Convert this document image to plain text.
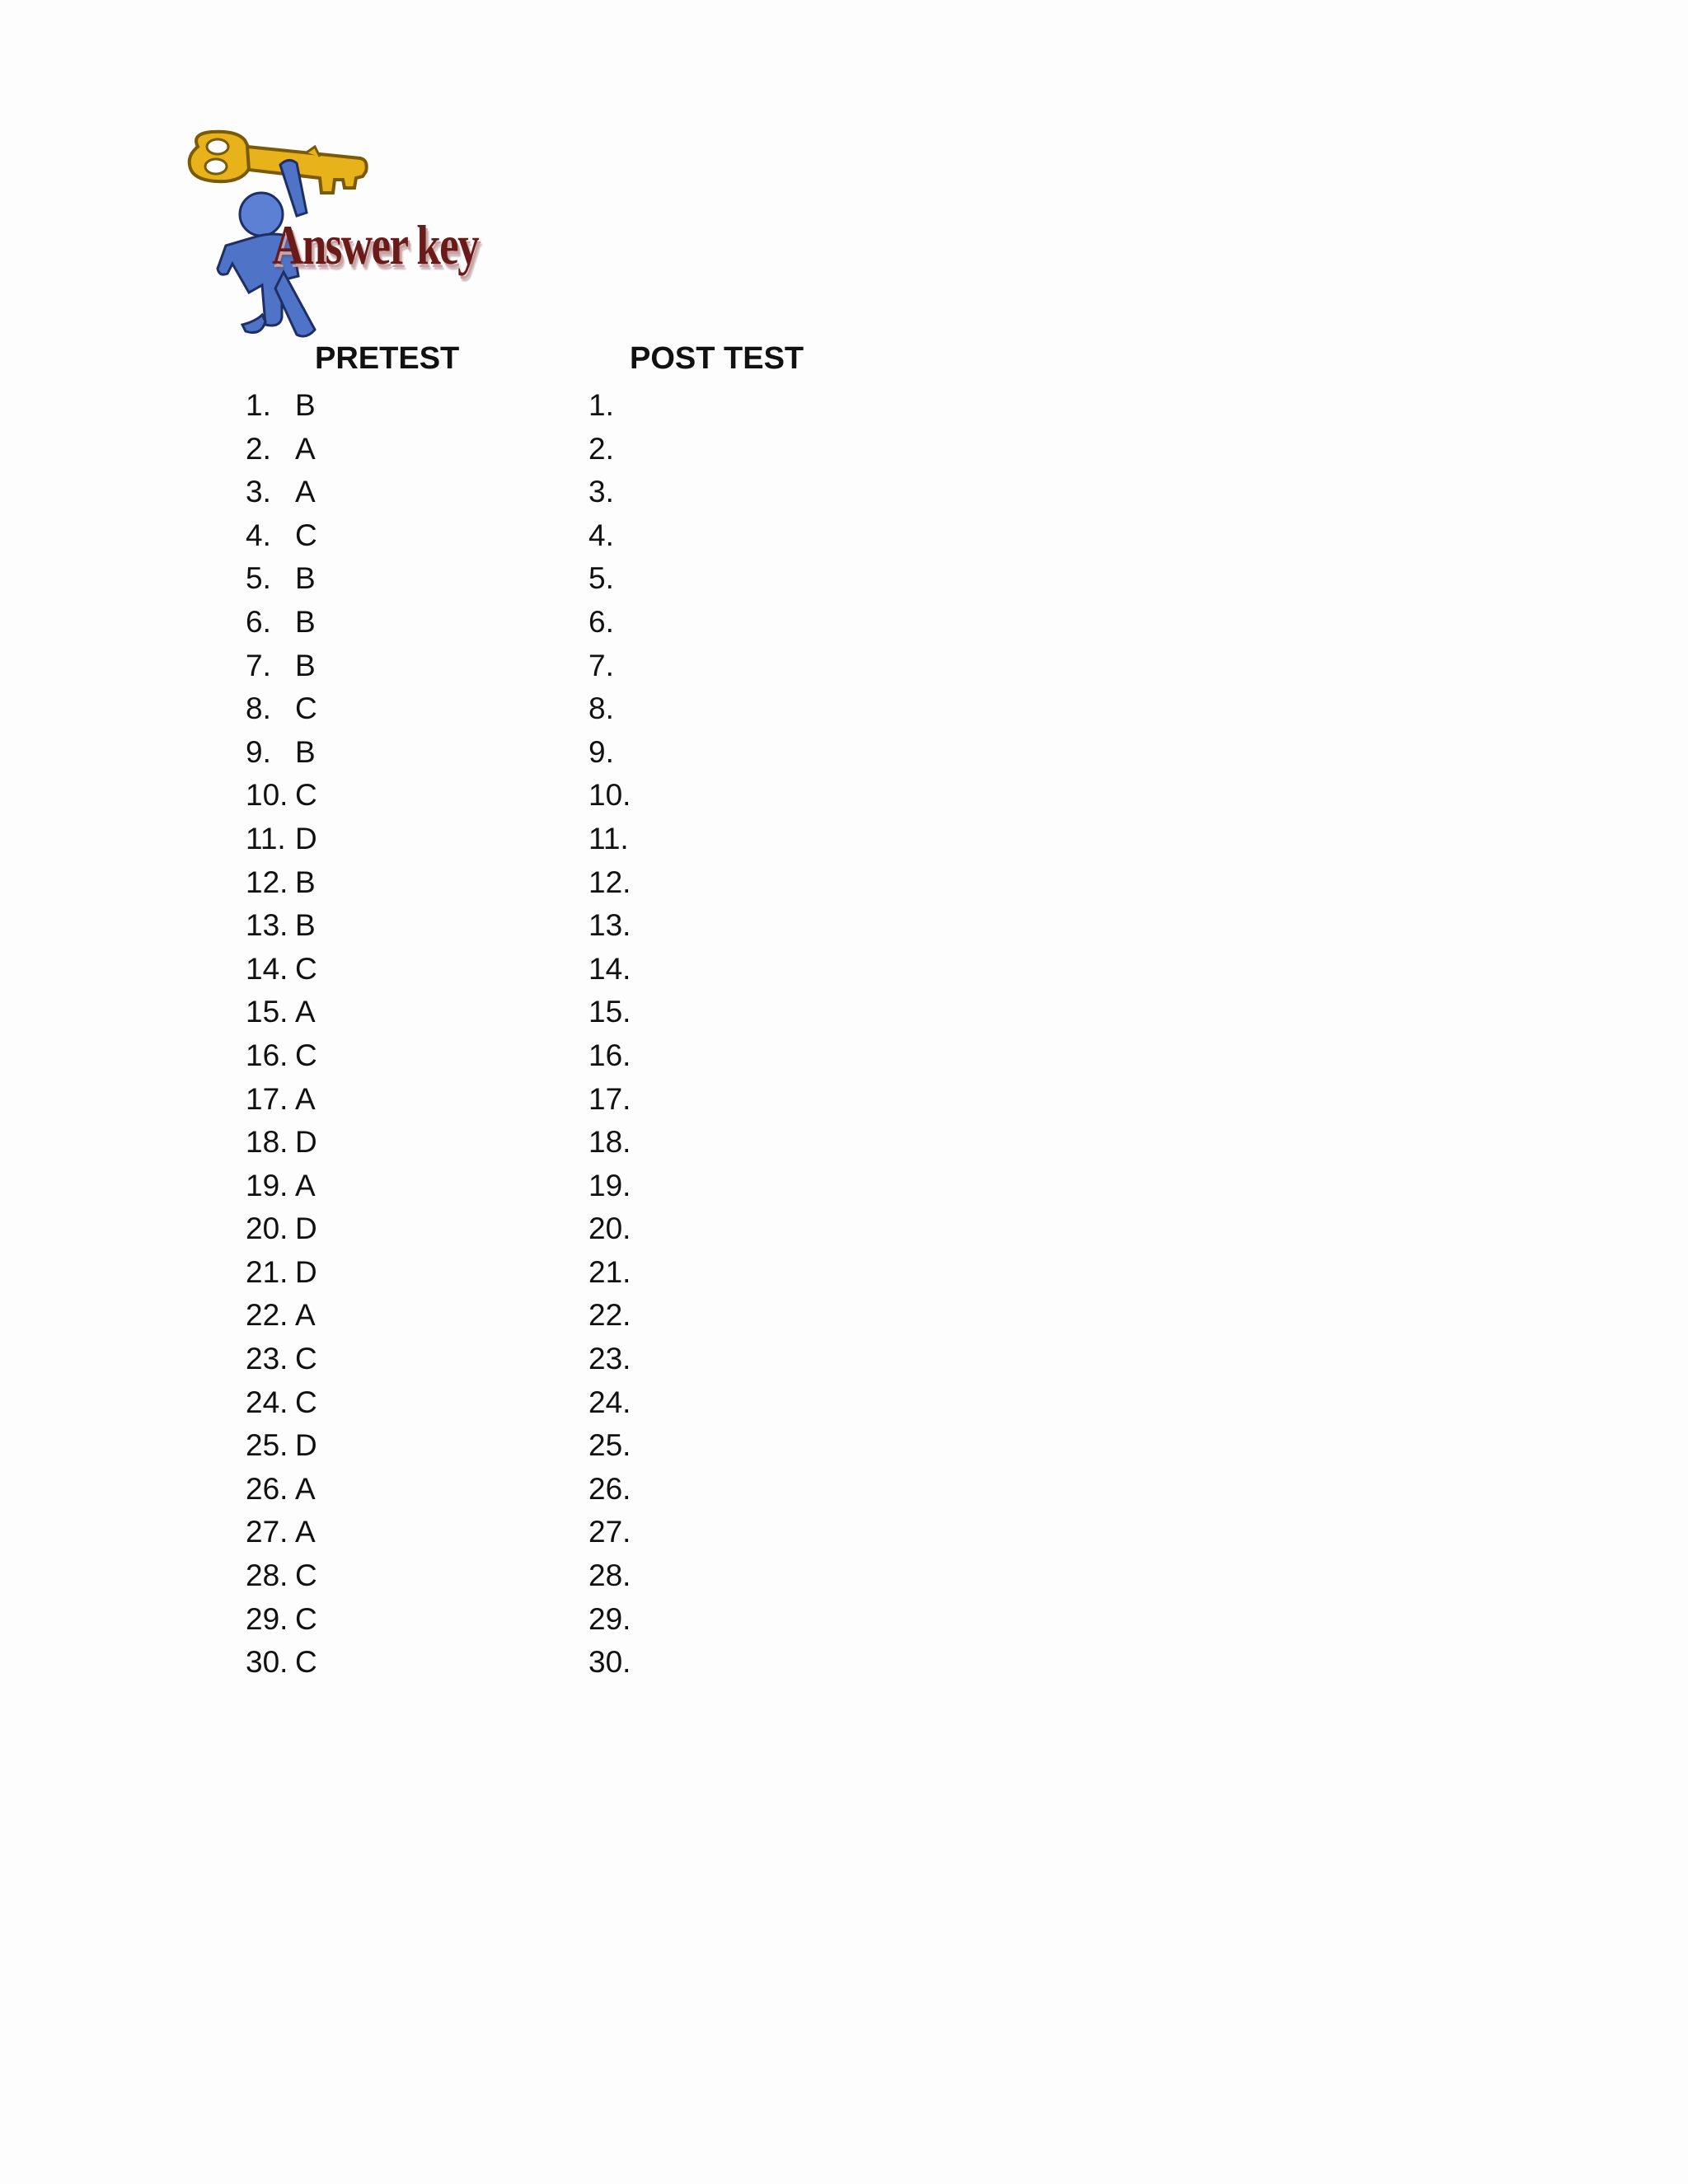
Answer key
PRETEST	POST TEST
1. B
2. A
3. A
4. C
5. B
6. B
7. B
8. C
9. B
10. C
11. D
12. B
13. B
14. C
15. A
16. C
17. A
18. D
19. A
20. D
21. D
22. A
23. C
24. C
25. D
26. A
27. A
28. C
29. C
30. C
1.
2.
3.
4.
5.
6.
7.
8.
9.
10.
11.
12.
13.
14.
15.
16.
17.
18.
19.
20.
21.
22.
23.
24.
25.
26.
27.
28.
29.
30.
